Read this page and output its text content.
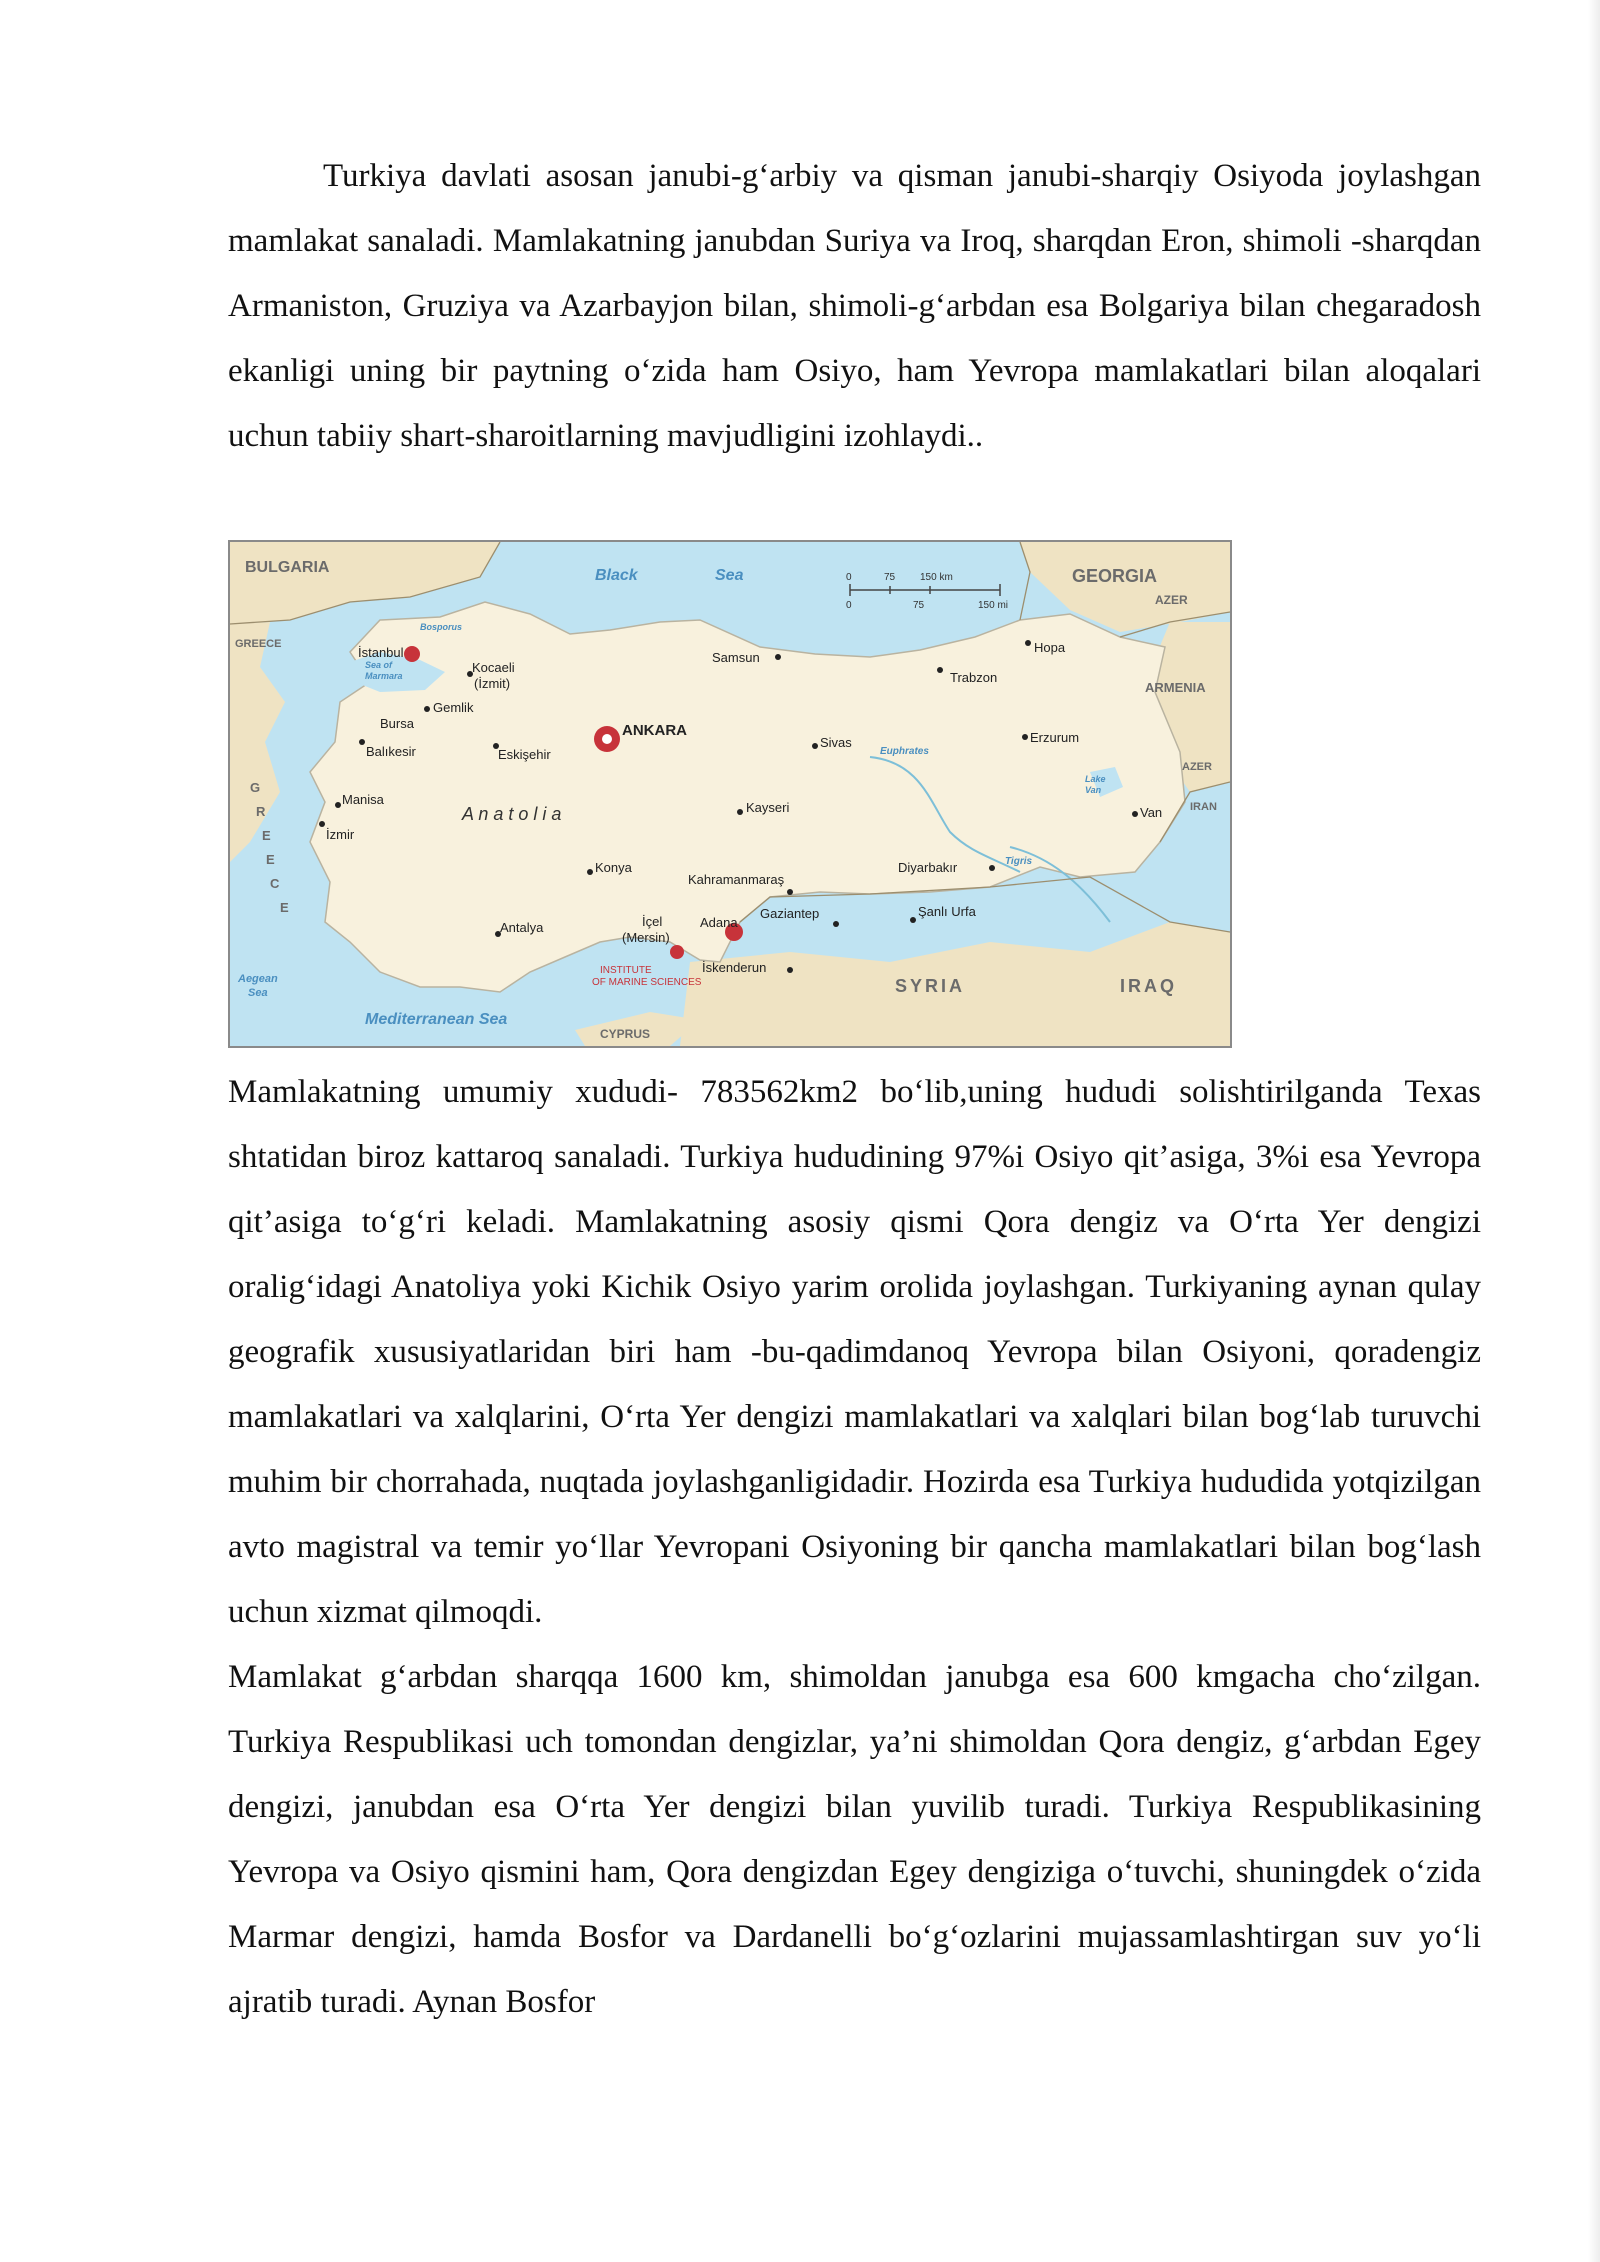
Turkiya davlati asosan janubi-g‘arbiy va qisman janubi-sharqiy Osiyoda joylashgan mamlakat sanaladi. Mamlakatning janubdan Suriya va Iroq, sharqdan Eron, shimoli -sharqdan Armaniston, Gruziya va Azarbayjon bilan, shimoli-g‘arbdan esa Bolgariya bilan chegaradosh ekanligi uning bir paytning o‘zida ham Osiyo, ham Yevropa mamlakatlari bilan aloqalari uchun tabiiy shart-sharoitlarning mavjudligini izohlaydi..

0	75 150 km
0	75	150 mi
BULGARIA
GREECE
GEORGIA
AZER
ARMENIA
AZER
IRAN
SYRIA	IRAQ
CYPRUS
G
R
E
E
C
E
Black	Sea
Mediterranean Sea
Aegean
Sea
Sea of
Marmara
Bosporus
Euphrates
Tigris
Lake
Van
A n a t o l i a
ANKARA
INSTITUTE
OF MARINE SCIENCES
İstanbul
Kocaeli
(İzmit)
Gemlik
Bursa
Balıkesir	Eskişehir
Manisa
İzmir
Samsun
Trabzon
Hopa
Erzurum
Sivas
Kayseri	Van
Konya
Kahramanmaraş
Diyarbakır
Antalya	İçel
(Mersin)
Adana
Gaziantep	Şanlı Urfa
İskenderun

Mamlakatning umumiy xududi- 783562km2 bo‘lib,uning hududi solishtirilganda Texas shtatidan biroz kattaroq sanaladi. Turkiya hududining 97%i Osiyo qit’asiga, 3%i esa Yevropa qit’asiga to‘g‘ri keladi. Mamlakatning asosiy qismi Qora dengiz va O‘rta Yer dengizi oralig‘idagi Anatoliya yoki Kichik Osiyo yarim orolida joylashgan. Turkiyaning aynan qulay geografik xususiyatlaridan biri ham -bu-qadimdanoq Yevropa bilan Osiyoni, qoradengiz mamlakatlari va xalqlarini, O‘rta Yer dengizi mamlakatlari va xalqlari bilan bog‘lab turuvchi muhim bir chorrahada, nuqtada joylashganligidadir. Hozirda esa Turkiya hududida yotqizilgan avto magistral va temir yo‘llar Yevropani Osiyoning bir qancha mamlakatlari bilan bog‘lash uchun xizmat qilmoqdi.

Mamlakat g‘arbdan sharqqa 1600 km, shimoldan janubga esa 600 kmgacha cho‘zilgan. Turkiya Respublikasi uch tomondan dengizlar, ya’ni shimoldan Qora dengiz, g‘arbdan Egey dengizi, janubdan esa O‘rta Yer dengizi bilan yuvilib turadi. Turkiya Respublikasining Yevropa va Osiyo qismini ham, Qora dengizdan Egey dengiziga o‘tuvchi, shuningdek o‘zida Marmar dengizi, hamda Bosfor va Dardanelli bo‘g‘ozlarini mujassamlashtirgan suv yo‘li ajratib turadi. Aynan Bosfor
